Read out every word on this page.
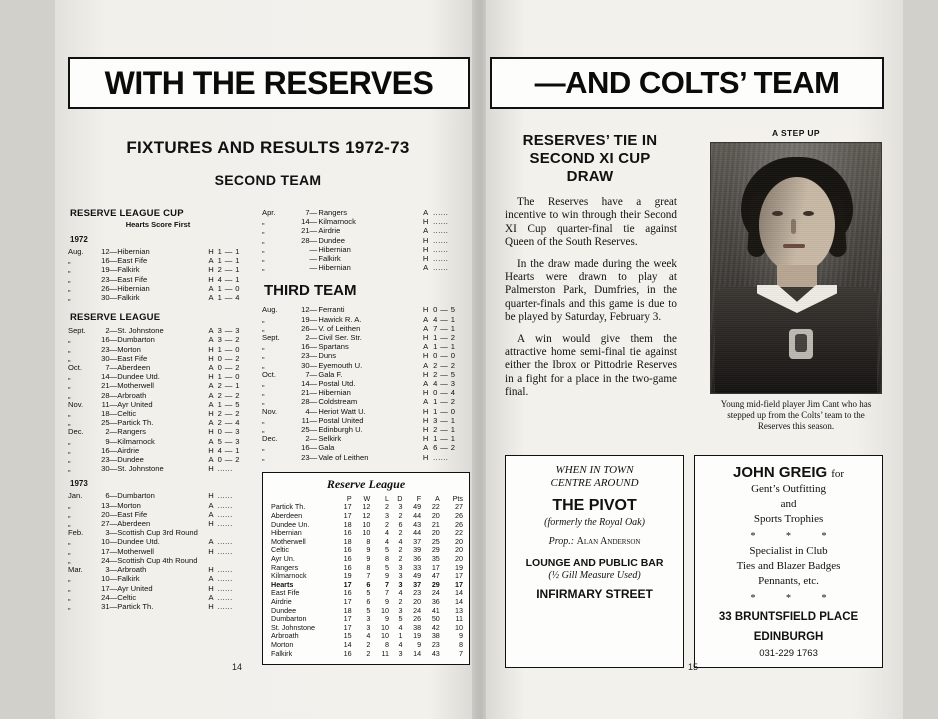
WITH THE RESERVES	—AND COLTS’ TEAM
FIXTURES AND RESULTS 1972-73
SECOND TEAM
RESERVE LEAGUE CUP
Hearts Score First
1972
Aug.	12	—	Hibernian	H	1 — 1
„	16	—	East Fife	A	1 — 1
„	19	—	Falkirk	H	2 — 1
„	23	—	East Fife	H	4 — 1
„	26	—	Hibernian	A	1 — 0
„	30	—	Falkirk	A	1 — 4
RESERVE LEAGUE
Sept.	2	—	St. Johnstone	A	3 — 3
„	16	—	Dumbarton	A	3 — 2
„	23	—	Morton	H	1 — 0
„	30	—	East Fife	H	0 — 2
Oct.	7	—	Aberdeen	A	0 — 2
„	14	—	Dundee Utd.	H	1 — 0
„	21	—	Motherwell	A	2 — 1
„	28	—	Arbroath	A	2 — 2
Nov.	11	—	Ayr United	A	1 — 5
„	18	—	Celtic	H	2 — 2
„	25	—	Partick Th.	A	2 — 4
Dec.	2	—	Rangers	H	0 — 3
„	9	—	Kilmarnock	A	5 — 3
„	16	—	Airdrie	H	4 — 1
„	23	—	Dundee	A	0 — 2
„	30	—	St. Johnstone	H	......
1973
Jan.	6	—	Dumbarton	H	......
„	13	—	Morton	A	......
„	20	—	East Fife	A	......
„	27	—	Aberdeen	H	......
Feb.	3	—	Scottish Cup 3rd Round		
„	10	—	Dundee Utd.	A	......
„	17	—	Motherwell	H	......
„	24	—	Scottish Cup 4th Round		
Mar.	3	—	Arbroath	H	......
„	10	—	Falkirk	A	......
„	17	—	Ayr United	H	......
„	24	—	Celtic	A	......
„	31	—	Partick Th.	H	......
Apr.	7	—	Rangers	A	......
„	14	—	Kilmarnock	H	......
„	21	—	Airdrie	A	......
„	28	—	Dundee	H	......
„		—	Hibernian	H	......
„		—	Falkirk	H	......
„		—	Hibernian	A	......
THIRD TEAM
Aug.	12	—	Ferranti	H	0 — 5
„	19	—	Hawick R. A.	A	4 — 1
„	26	—	V. of Leithen	A	7 — 1
Sept.	2	—	Civil Ser. Str.	H	1 — 2
„	16	—	Spartans	A	1 — 1
„	23	—	Duns	H	0 — 0
„	30	—	Eyemouth U.	A	2 — 2
Oct.	7	—	Gala F.	H	2 — 5
„	14	—	Postal Utd.	A	4 — 3
„	21	—	Hibernian	H	0 — 4
„	28	—	Coldstream	A	1 — 2
Nov.	4	—	Heriot Watt U.	H	1 — 0
„	11	—	Postal United	H	3 — 1
„	25	—	Edinburgh U.	H	2 — 1
Dec.	2	—	Selkirk	H	1 — 1
„	16	—	Gala	A	6 — 2
„	23	—	Vale of Leithen	H	......
Reserve League
	P	W	L	D	F	A	Pts
Partick Th.	17	12	2	3	49	22	27
Aberdeen	17	12	3	2	44	20	26
Dundee Un.	18	10	2	6	43	21	26
Hibernian	16	10	4	2	44	20	22
Motherwell	18	8	4	4	37	25	20
Celtic	16	9	5	2	39	29	20
Ayr Un.	16	9	8	2	36	35	20
Rangers	16	8	5	3	33	17	19
Kilmarnock	19	7	9	3	49	47	17
Hearts	17	6	7	3	37	29	17
East Fife	16	5	7	4	23	24	14
Airdrie	17	6	9	2	20	36	14
Dundee	18	5	10	3	24	41	13
Dumbarton	17	3	9	5	26	50	11
St. Johnstone	17	3	10	4	38	42	10
Arbroath	15	4	10	1	19	38	9
Morton	14	2	8	4	9	23	8
Falkirk	16	2	11	3	14	43	7
14
RESERVES’ TIE IN SECOND XI CUP DRAW

The Reserves have a great incentive to win through their Second XI Cup quarter-final tie against Queen of the South Reserves.

In the draw made during the week Hearts were drawn to play at Palmerston Park, Dumfries, in the quarter-finals and this game is due to be played by Saturday, February 3.

A win would give them the attractive home semi-final tie against either the Ibrox or Pittodrie Reserves in a fight for a place in the two-game final.

A STEP UP
Young mid-field player Jim Cant who has stepped up from the Colts’ team to the Reserves this season.
WHEN IN TOWN
CENTRE AROUND
THE PIVOT
(formerly the Royal Oak)
Prop.: Alan Anderson
LOUNGE AND PUBLIC BAR
(½ Gill Measure Used)
INFIRMARY STREET
JOHN GREIG for
Gent’s Outfitting
and
Sports Trophies
* * *
Specialist in Club
Ties and Blazer Badges
Pennants, etc.
* * *
33 BRUNTSFIELD PLACE
EDINBURGH
031-229 1763
15
